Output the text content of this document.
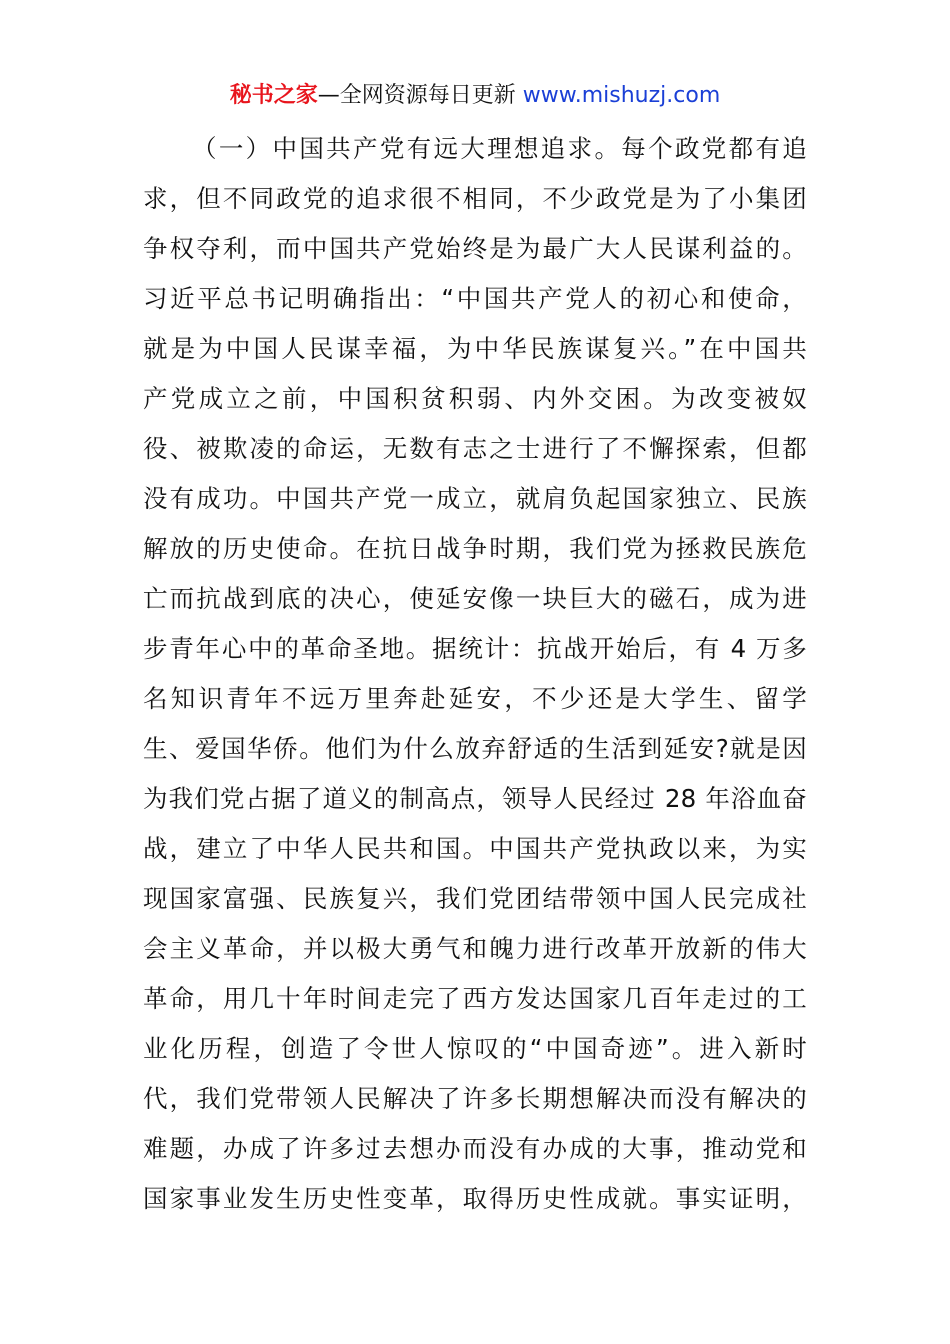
秘书之家—全网资源每日更新 www.mishuzj.com
（一）中国共产党有远大理想追求。每个政党都有追
求，但不同政党的追求很不相同，不少政党是为了小集团
争权夺利，而中国共产党始终是为最广大人民谋利益的。
习近平总书记明确指出：“中国共产党人的初心和使命，
就是为中国人民谋幸福，为中华民族谋复兴。”在中国共
产党成立之前，中国积贫积弱、内外交困。为改变被奴
役、被欺凌的命运，无数有志之士进行了不懈探索，但都
没有成功。中国共产党一成立，就肩负起国家独立、民族
解放的历史使命。在抗日战争时期，我们党为拯救民族危
亡而抗战到底的决心，使延安像一块巨大的磁石，成为进
步青年心中的革命圣地。据统计：抗战开始后，有 4 万多
名知识青年不远万里奔赴延安，不少还是大学生、留学
生、爱国华侨。他们为什么放弃舒适的生活到延安?就是因
为我们党占据了道义的制高点，领导人民经过 28 年浴血奋
战，建立了中华人民共和国。中国共产党执政以来，为实
现国家富强、民族复兴，我们党团结带领中国人民完成社
会主义革命，并以极大勇气和魄力进行改革开放新的伟大
革命，用几十年时间走完了西方发达国家几百年走过的工
业化历程，创造了令世人惊叹的“中国奇迹”。进入新时
代，我们党带领人民解决了许多长期想解决而没有解决的
难题，办成了许多过去想办而没有办成的大事，推动党和
国家事业发生历史性变革，取得历史性成就。事实证明，
